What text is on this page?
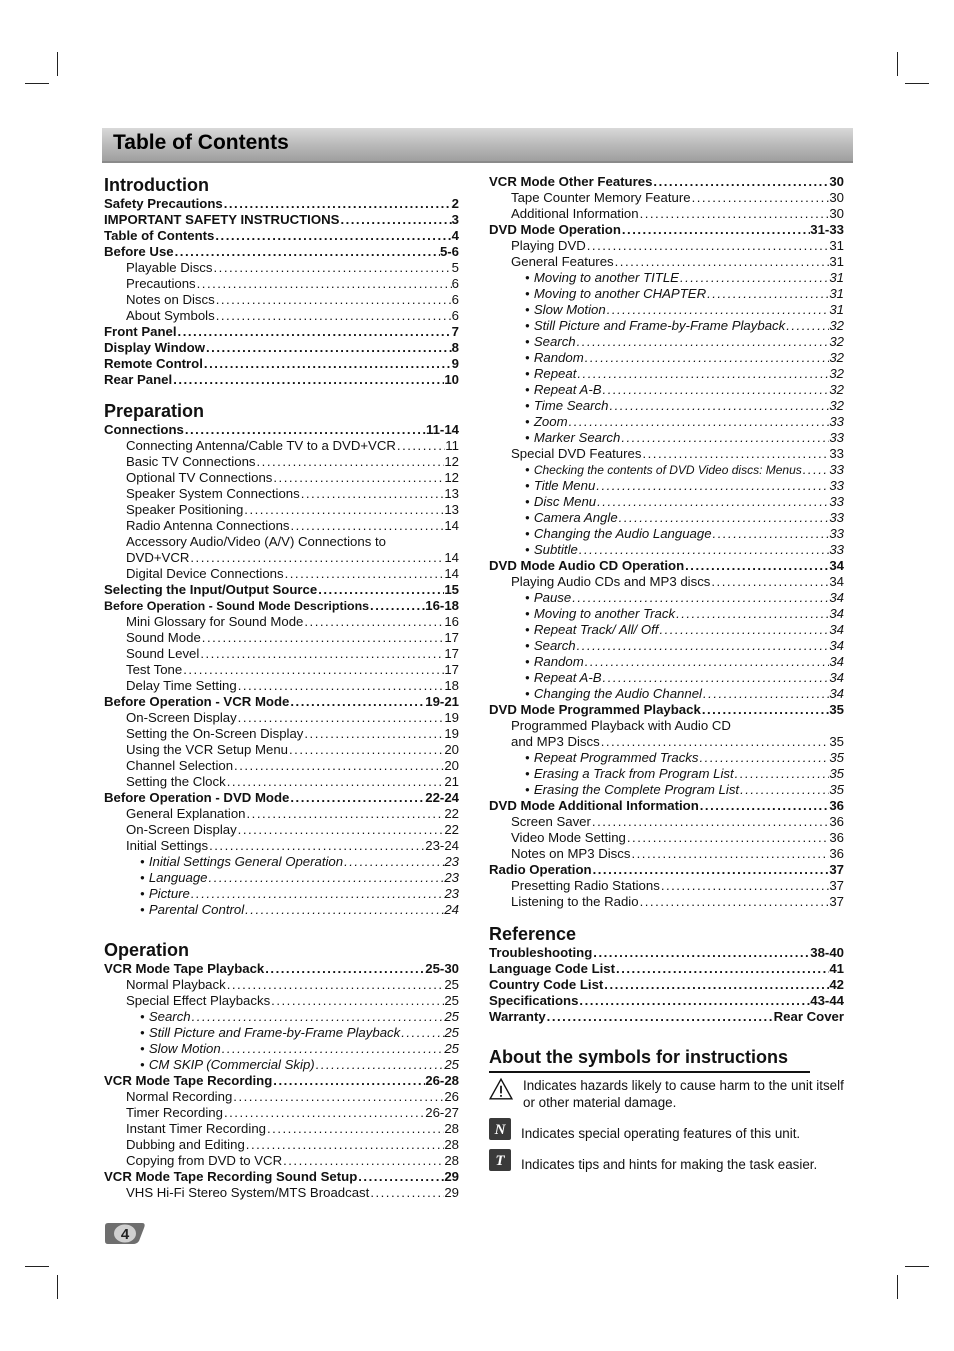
Table of Contents
Introduction
Safety Precautions .....	2
IMPORTANT SAFETY INSTRUCTIONS .....	3
Table of Contents .....	4
Before Use .....	5-6
Playable Discs .....	5
Precautions .....	6
Notes on Discs .....	6
About Symbols .....	6
Front Panel .....	7
Display Window .....	8
Remote Control .....	9
Rear Panel .....	10
Preparation
Connections .....	11-14
Connecting Antenna/Cable TV to a DVD+VCR .....	11
Basic TV Connections .....	12
Optional TV Connections .....	12
Speaker System Connections .....	13
Speaker Positioning .....	13
Radio Antenna Connections .....	14
Accessory Audio/Video (A/V) Connections to
DVD+VCR .....	14
Digital Device Connections .....	14
Selecting the Input/Output Source .....	15
Before Operation - Sound Mode Descriptions .....	16-18
Mini Glossary for Sound Mode .....	16
Sound Mode .....	17
Sound Level .....	17
Test Tone .....	17
Delay Time Setting .....	18
Before Operation - VCR Mode .....	19-21
On-Screen Display .....	19
Setting the On-Screen Display .....	19
Using the VCR Setup Menu .....	20
Channel Selection .....	20
Setting the Clock .....	21
Before Operation - DVD Mode .....	22-24
General Explanation .....	22
On-Screen Display .....	22
Initial Settings .....	23-24
● Initial Settings General Operation .....	23
● Language .....	23
● Picture .....	23
● Parental Control .....	24
Operation
VCR Mode Tape Playback .....	25-30
Normal Playback .....	25
Special Effect Playbacks .....	25
● Search .....	25
● Still Picture and Frame-by-Frame Playback .....	25
● Slow Motion .....	25
● CM SKIP (Commercial Skip) .....	25
VCR Mode Tape Recording .....	26-28
Normal Recording .....	26
Timer Recording .....	26-27
Instant Timer Recording .....	28
Dubbing and Editing .....	28
Copying from DVD to VCR .....	28
VCR Mode Tape Recording Sound Setup .....	29
VHS Hi-Fi Stereo System/MTS Broadcast .....	29
VCR Mode Other Features .....	30
Tape Counter Memory Feature .....	30
Additional Information .....	30
DVD Mode Operation .....	31-33
Playing DVD .....	31
General Features .....	31
● Moving to another TITLE .....	31
● Moving to another CHAPTER .....	31
● Slow Motion .....	31
● Still Picture and Frame-by-Frame Playback .....	32
● Search .....	32
● Random .....	32
● Repeat .....	32
● Repeat A-B .....	32
● Time Search .....	32
● Zoom .....	33
● Marker Search .....	33
Special DVD Features .....	33
● Checking the contents of DVD Video discs: Menus ..... 33
● Title Menu .....	33
● Disc Menu .....	33
● Camera Angle .....	33
● Changing the Audio Language .....	33
● Subtitle .....	33
DVD Mode Audio CD Operation .....	34
Playing Audio CDs and MP3 discs .....	34
● Pause .....	34
● Moving to another Track .....	34
● Repeat Track/ All/ Off .....	34
● Search .....	34
● Random .....	34
● Repeat A-B .....	34
● Changing the Audio Channel .....	34
DVD Mode Programmed Playback .....	35
Programmed Playback with Audio CD
and MP3 Discs .....	35
● Repeat Programmed Tracks .....	35
● Erasing a Track from Program List .....	35
● Erasing the Complete Program List .....	35
DVD Mode Additional Information .....	36
Screen Saver .....	36
Video Mode Setting .....	36
Notes on MP3 Discs .....	36
Radio Operation .....	37
Presetting Radio Stations .....	37
Listening to the Radio .....	37
Reference
Troubleshooting .....	38-40
Language Code List .....	41
Country Code List .....	42
Specifications .....	43-44
Warranty .....	Rear Cover
About the symbols for instructions
Indicates hazards likely to cause harm to the unit itself or other material damage.
N Indicates special operating features of this unit.
T Indicates tips and hints for making the task easier.
4
